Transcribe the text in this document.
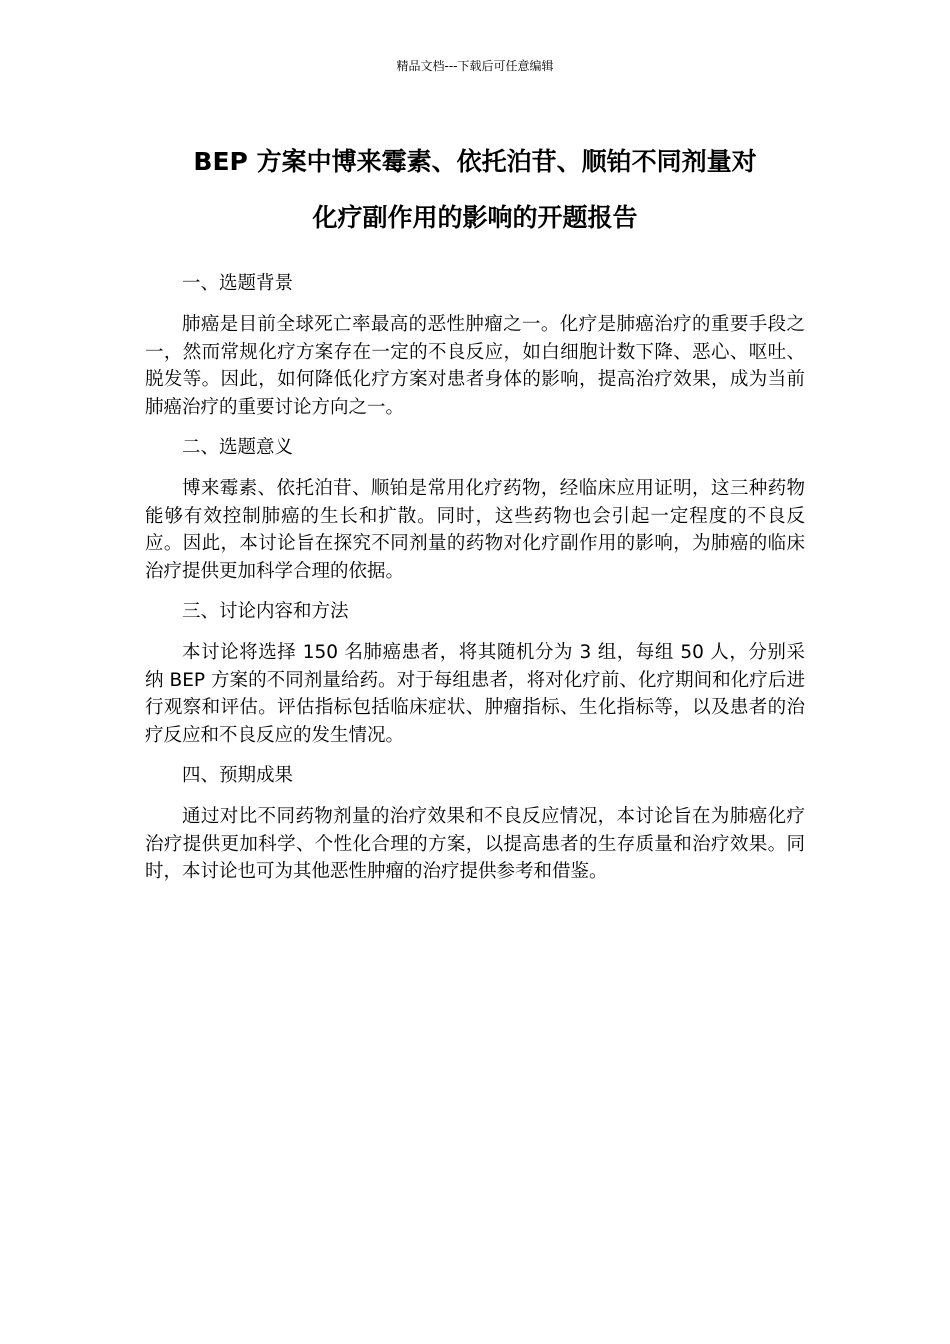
精品文档---下载后可任意编辑
BEP 方案中博来霉素、依托泊苷、顺铂不同剂量对
化疗副作用的影响的开题报告

一、选题背景

肺癌是目前全球死亡率最高的恶性肿瘤之一。化疗是肺癌治疗的重要手段之一，然而常规化疗方案存在一定的不良反应，如白细胞计数下降、恶心、呕吐、脱发等。因此，如何降低化疗方案对患者身体的影响，提高治疗效果，成为当前肺癌治疗的重要讨论方向之一。

二、选题意义

博来霉素、依托泊苷、顺铂是常用化疗药物，经临床应用证明，这三种药物能够有效控制肺癌的生长和扩散。同时，这些药物也会引起一定程度的不良反应。因此，本讨论旨在探究不同剂量的药物对化疗副作用的影响，为肺癌的临床治疗提供更加科学合理的依据。

三、讨论内容和方法

本讨论将选择 150 名肺癌患者，将其随机分为 3 组，每组 50 人，分别采纳 BEP 方案的不同剂量给药。对于每组患者，将对化疗前、化疗期间和化疗后进行观察和评估。评估指标包括临床症状、肿瘤指标、生化指标等，以及患者的治疗反应和不良反应的发生情况。

四、预期成果

通过对比不同药物剂量的治疗效果和不良反应情况，本讨论旨在为肺癌化疗治疗提供更加科学、个性化合理的方案，以提高患者的生存质量和治疗效果。同时，本讨论也可为其他恶性肿瘤的治疗提供参考和借鉴。
